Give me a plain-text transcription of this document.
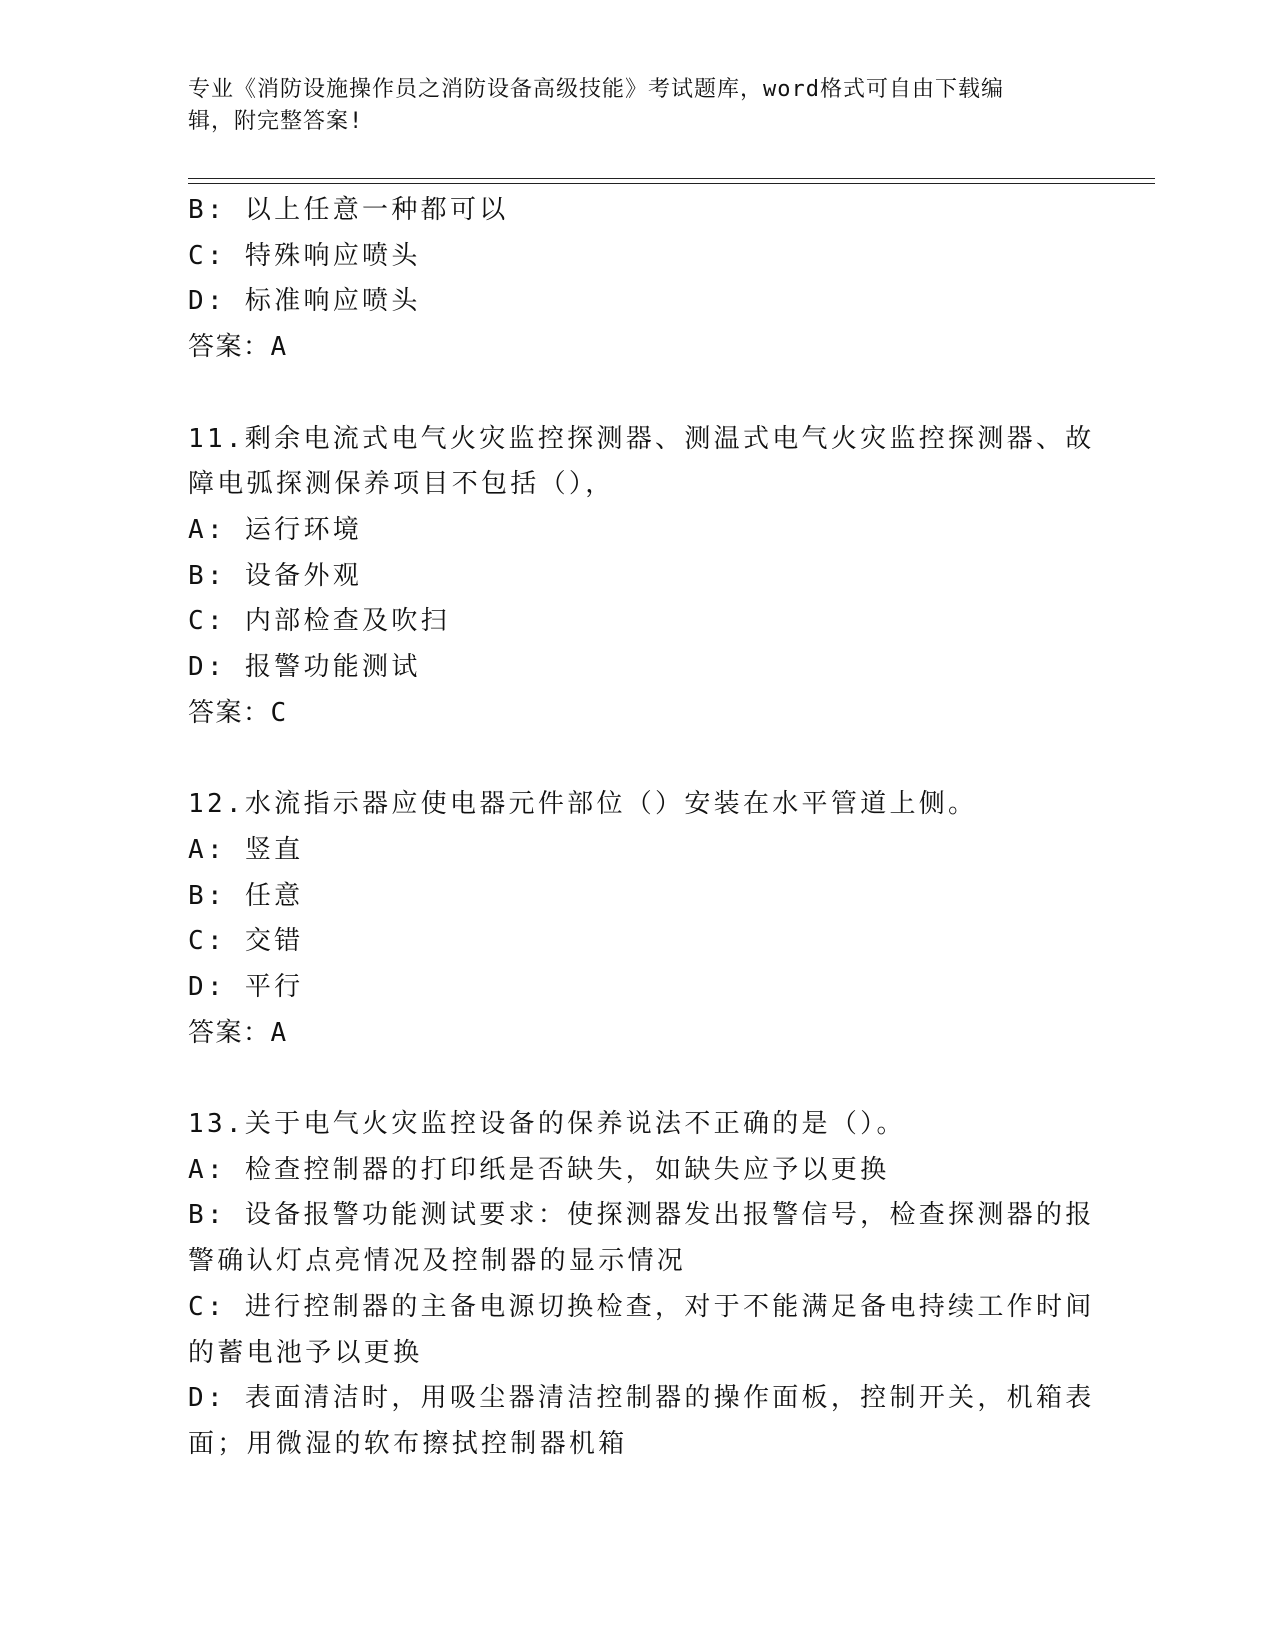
专业《消防设施操作员之消防设备高级技能》考试题库，word格式可自由下载编
辑，附完整答案!
B: 以上任意一种都可以
C: 特殊响应喷头
D: 标准响应喷头
答案：A
11.剩余电流式电气火灾监控探测器、测温式电气火灾监控探测器、故
障电弧探测保养项目不包括（），
A: 运行环境
B: 设备外观
C: 内部检查及吹扫
D: 报警功能测试
答案：C
12.水流指示器应使电器元件部位（）安装在水平管道上侧。
A: 竖直
B: 任意
C: 交错
D: 平行
答案：A
13.关于电气火灾监控设备的保养说法不正确的是（）。
A: 检查控制器的打印纸是否缺失，如缺失应予以更换
B: 设备报警功能测试要求：使探测器发出报警信号，检查探测器的报
警确认灯点亮情况及控制器的显示情况
C: 进行控制器的主备电源切换检查，对于不能满足备电持续工作时间
的蓄电池予以更换
D: 表面清洁时，用吸尘器清洁控制器的操作面板，控制开关，机箱表
面；用微湿的软布擦拭控制器机箱
